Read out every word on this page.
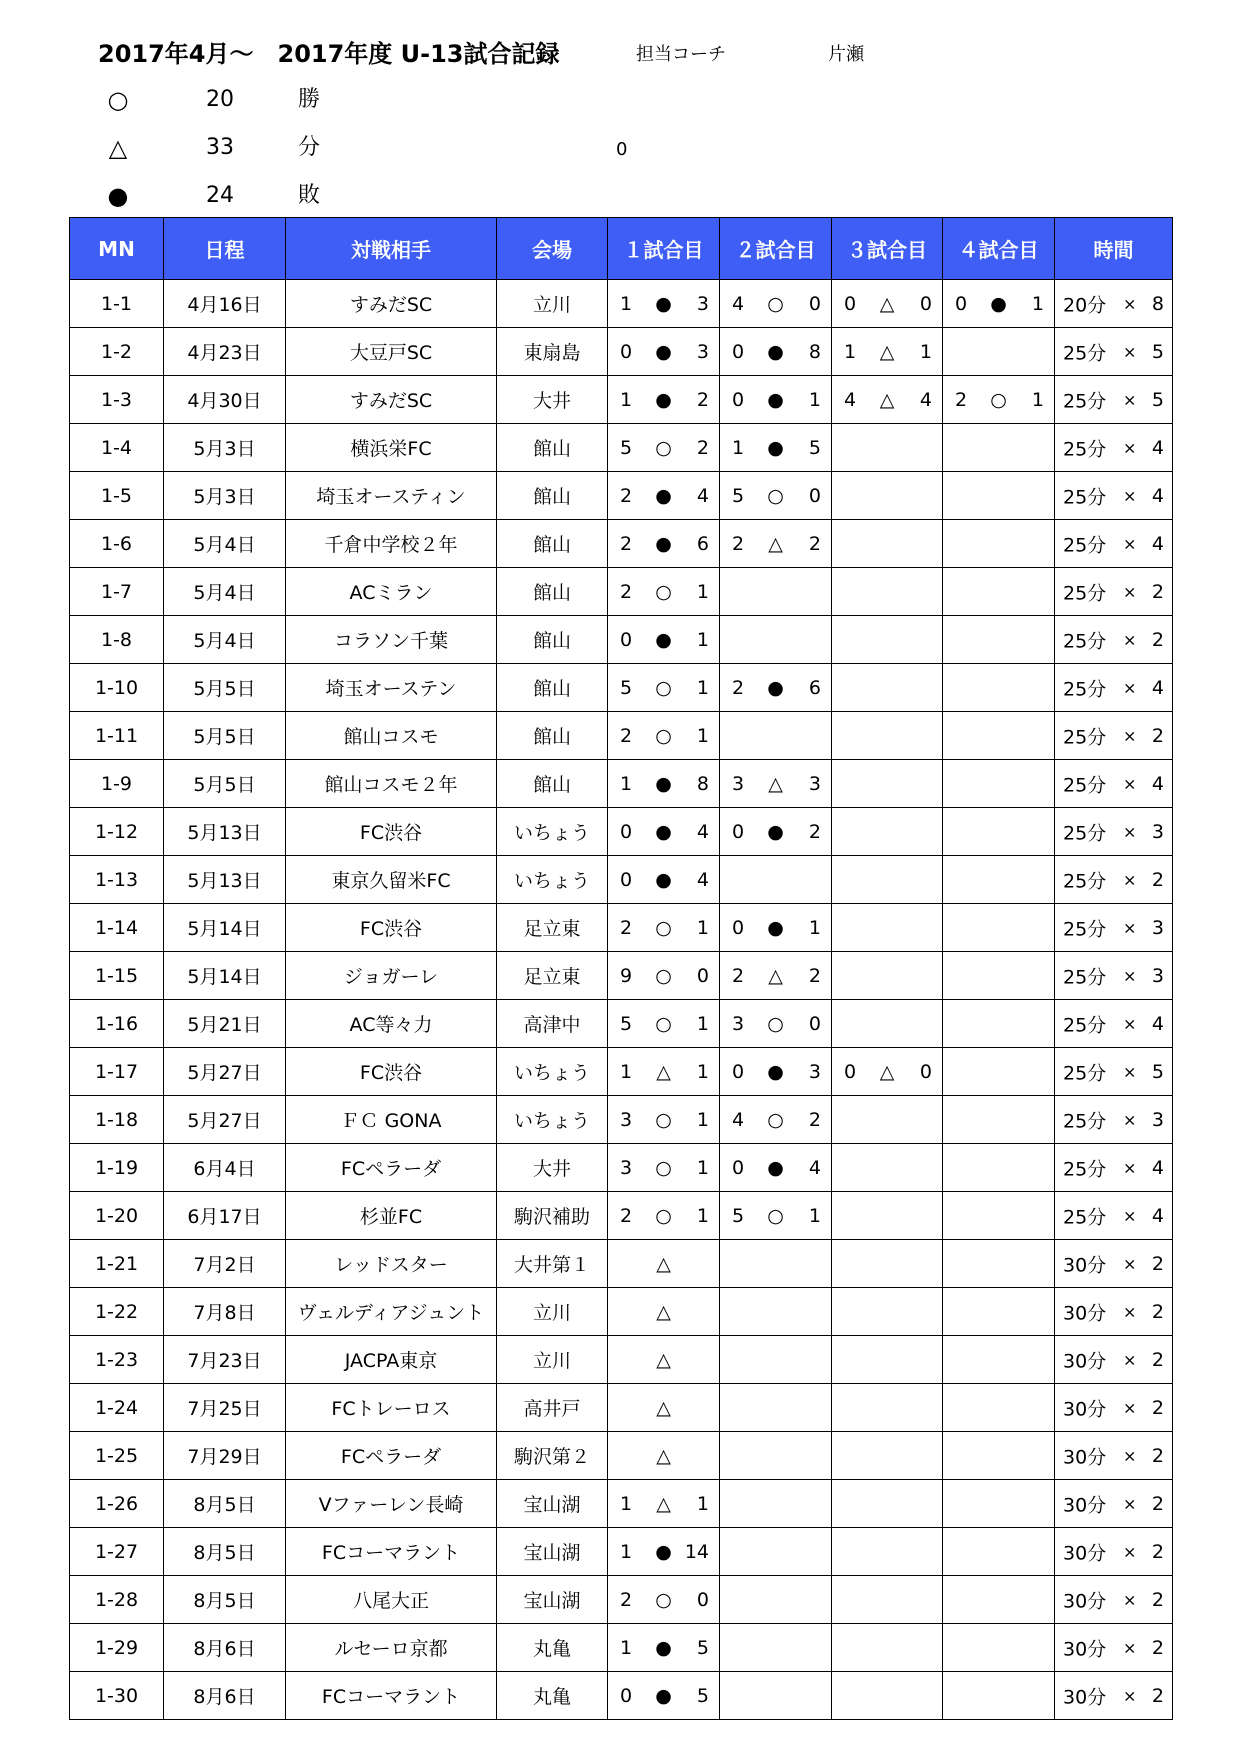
2017年4月～　2017年度 U-13試合記録	担当コーチ	片瀬
○	20	勝
△	33	分	0
●	24	敗
MN	日程	対戦相手	会場	１試合目	２試合目	３試合目	４試合目	時間
1-1	4月16日	すみだSC	立川	1 ● 3	4 ○ 0	0 △ 0	0 ● 1	20分 × 8

1-2	4月23日	大豆戸SC	東扇島	0 ● 3	0 ● 8	1 △ 1		25分 × 5

1-3	4月30日	すみだSC	大井	1 ● 2	0 ● 1	4 △ 4	2 ○ 1	25分 × 5

1-4	5月3日	横浜栄FC	館山	5 ○ 2	1 ● 5			25分 × 4

1-5	5月3日	埼玉オースティン	館山	2 ● 4	5 ○ 0			25分 × 4

1-6	5月4日	千倉中学校２年	館山	2 ● 6	2 △ 2			25分 × 4

1-7	5月4日	ACミラン	館山	2 ○ 1				25分 × 2

1-8	5月4日	コラソン千葉	館山	0 ● 1				25分 × 2

1-10	5月5日	埼玉オーステン	館山	5 ○ 1	2 ● 6			25分 × 4

1-11	5月5日	館山コスモ	館山	2 ○ 1				25分 × 2

1-9	5月5日	館山コスモ２年	館山	1 ● 8	3 △ 3			25分 × 4

1-12	5月13日	FC渋谷	いちょう	0 ● 4	0 ● 2			25分 × 3

1-13	5月13日	東京久留米FC	いちょう	0 ● 4				25分 × 2

1-14	5月14日	FC渋谷	足立東	2 ○ 1	0 ● 1			25分 × 3

1-15	5月14日	ジョガーレ	足立東	9 ○ 0	2 △ 2			25分 × 3

1-16	5月21日	AC等々力	高津中	5 ○ 1	3 ○ 0			25分 × 4

1-17	5月27日	FC渋谷	いちょう	1 △ 1	0 ● 3	0 △ 0		25分 × 5

1-18	5月27日	ＦＣ GONA	いちょう	3 ○ 1	4 ○ 2			25分 × 3

1-19	6月4日	FCペラーダ	大井	3 ○ 1	0 ● 4			25分 × 4

1-20	6月17日	杉並FC	駒沢補助	2 ○ 1	5 ○ 1			25分 × 4

1-21	7月2日	レッドスター	大井第１	△				30分 × 2

1-22	7月8日	ヴェルディアジュント	立川	△				30分 × 2

1-23	7月23日	JACPA東京	立川	△				30分 × 2

1-24	7月25日	FCトレーロス	高井戸	△				30分 × 2

1-25	7月29日	FCペラーダ	駒沢第２	△				30分 × 2

1-26	8月5日	Vファーレン長崎	宝山湖	1 △ 1				30分 × 2

1-27	8月5日	FCコーマラント	宝山湖	1 ● 14				30分 × 2

1-28	8月5日	八尾大正	宝山湖	2 ○ 0				30分 × 2

1-29	8月6日	ルセーロ京都	丸亀	1 ● 5				30分 × 2

1-30	8月6日	FCコーマラント	丸亀	0 ● 5				30分 × 2
